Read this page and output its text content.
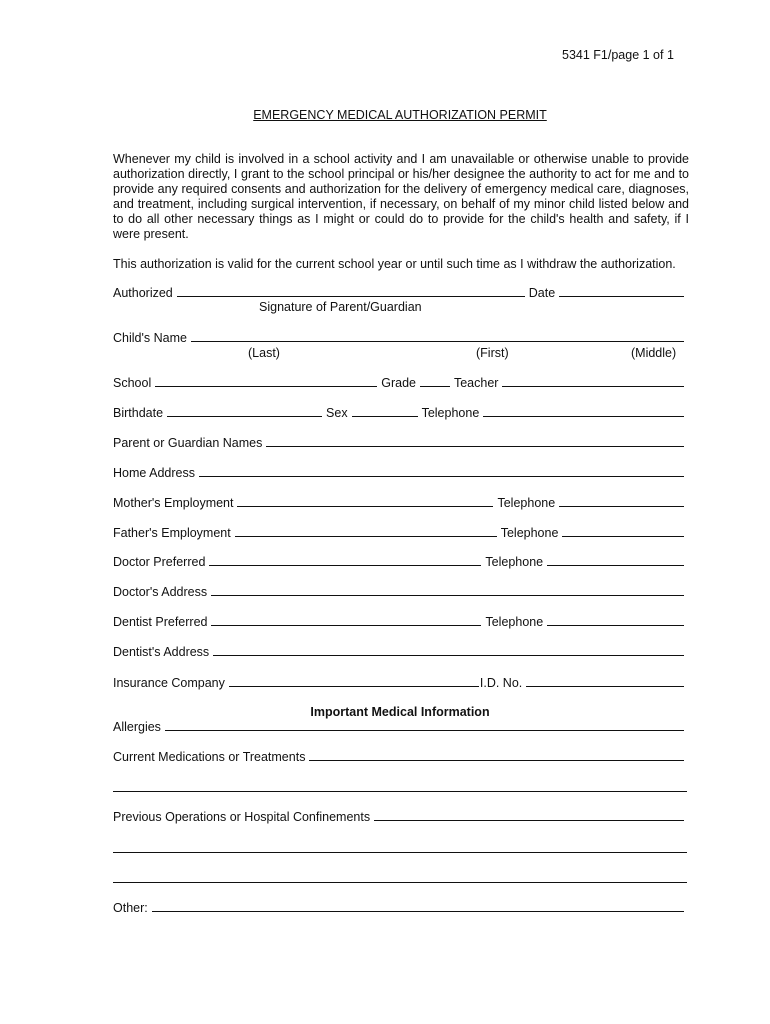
5341 F1/page 1 of 1
EMERGENCY MEDICAL AUTHORIZATION PERMIT
Whenever my child is involved in a school activity and I am unavailable or otherwise unable to provide authorization directly, I grant to the school principal or his/her designee the authority to act for me and to provide any required consents and authorization for the delivery of emergency medical care, diagnoses, and treatment, including surgical intervention, if necessary, on behalf of my minor child listed below and to do all other necessary things as I might or could do to provide for the child's health and safety, if I were present.
This authorization is valid for the current school year or until such time as I withdraw the authorization.
Authorized	Date
Signature of Parent/Guardian
Child's Name
(Last)	(First)	(Middle)
School	Grade	Teacher
Birthdate	Sex	Telephone
Parent or Guardian Names
Home Address
Mother's Employment	Telephone
Father's Employment	Telephone
Doctor Preferred	Telephone
Doctor's Address
Dentist Preferred	Telephone
Dentist's Address
Insurance Company	I.D. No.
Important Medical Information
Allergies
Current Medications or Treatments
Previous Operations or Hospital Confinements
Other:
